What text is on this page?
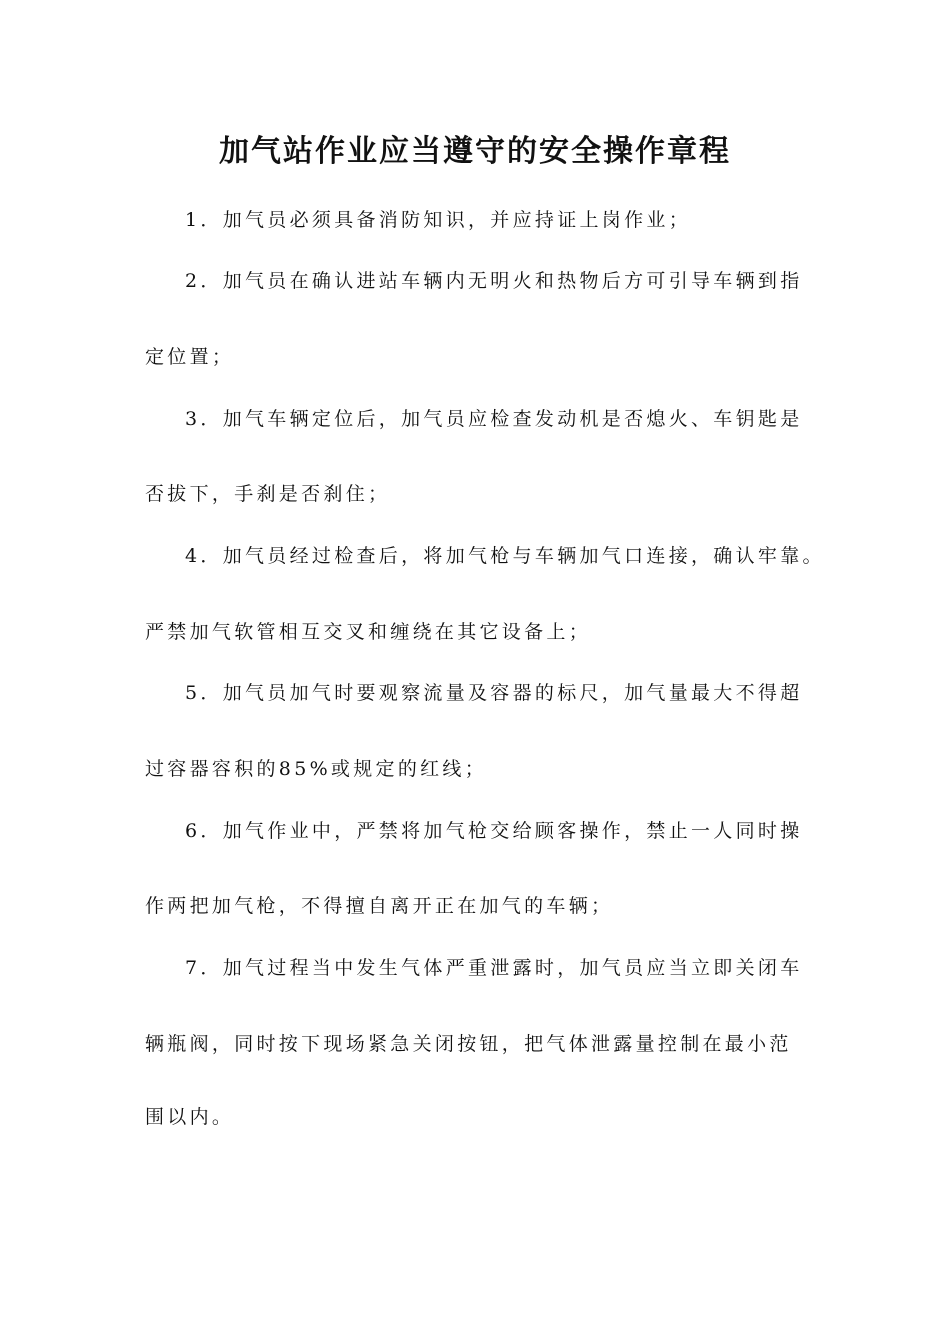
加气站作业应当遵守的安全操作章程

1．加气员必须具备消防知识，并应持证上岗作业；

2．加气员在确认进站车辆内无明火和热物后方可引导车辆到指

定位置；

3．加气车辆定位后，加气员应检查发动机是否熄火、车钥匙是

否拔下，手刹是否刹住；

4．加气员经过检查后，将加气枪与车辆加气口连接，确认牢靠。

严禁加气软管相互交叉和缠绕在其它设备上；

5．加气员加气时要观察流量及容器的标尺，加气量最大不得超

过容器容积的85%或规定的红线；

6．加气作业中，严禁将加气枪交给顾客操作，禁止一人同时操

作两把加气枪，不得擅自离开正在加气的车辆；

7．加气过程当中发生气体严重泄露时，加气员应当立即关闭车

辆瓶阀，同时按下现场紧急关闭按钮，把气体泄露量控制在最小范

围以内。
